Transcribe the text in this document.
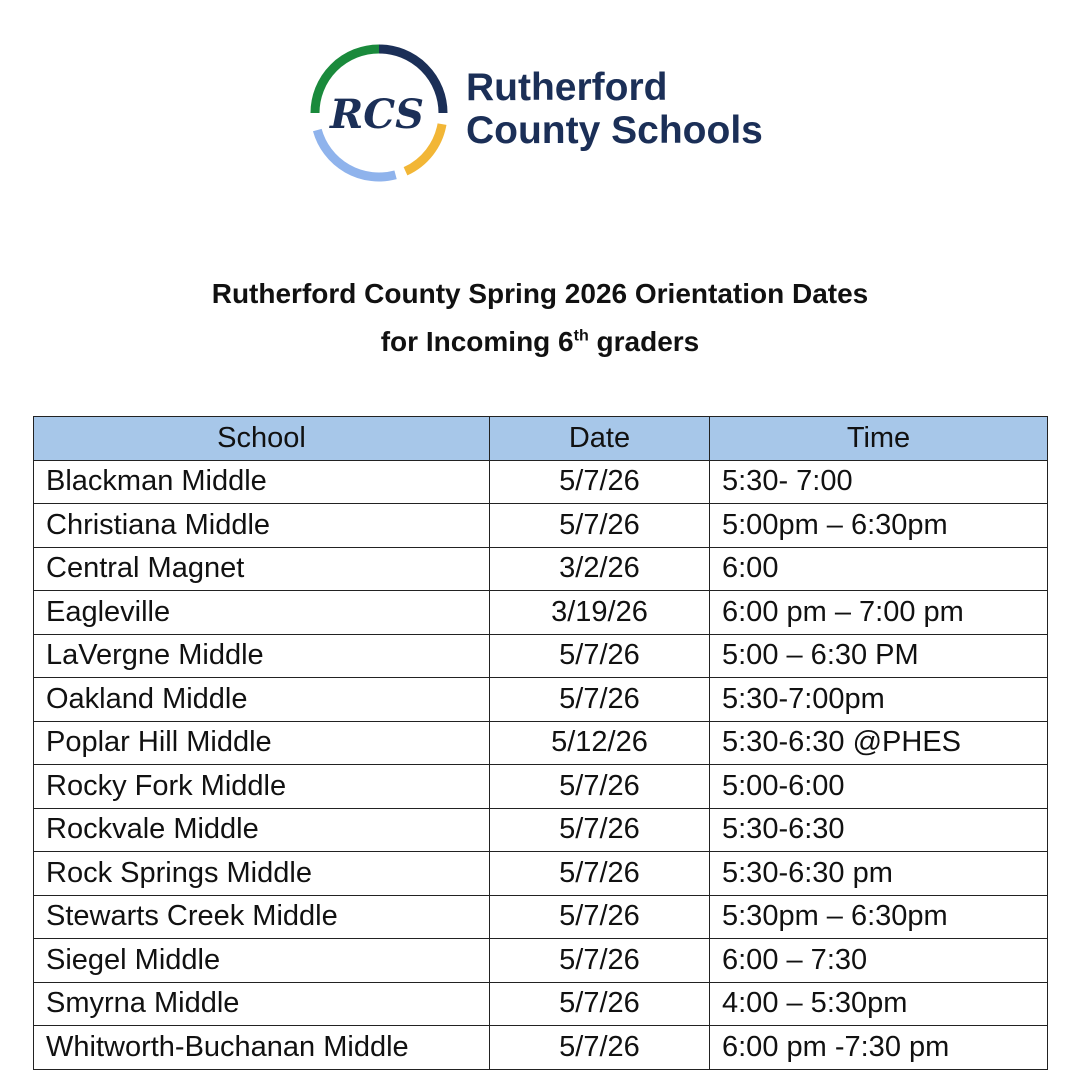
RCS
Rutherford
County Schools
Rutherford County Spring 2026 Orientation Dates
for Incoming 6th graders
School	Date	Time
Blackman Middle	5/7/26	5:30- 7:00
Christiana Middle	5/7/26	5:00pm – 6:30pm
Central Magnet	3/2/26	6:00
Eagleville	3/19/26	6:00 pm – 7:00 pm
LaVergne Middle	5/7/26	5:00 – 6:30 PM
Oakland Middle	5/7/26	5:30-7:00pm
Poplar Hill Middle	5/12/26	5:30-6:30 @PHES
Rocky Fork Middle	5/7/26	5:00-6:00
Rockvale Middle	5/7/26	5:30-6:30
Rock Springs Middle	5/7/26	5:30-6:30 pm
Stewarts Creek Middle	5/7/26	5:30pm – 6:30pm
Siegel Middle	5/7/26	6:00 – 7:30
Smyrna Middle	5/7/26	4:00 – 5:30pm
Whitworth-Buchanan Middle	5/7/26	6:00 pm -7:30 pm
